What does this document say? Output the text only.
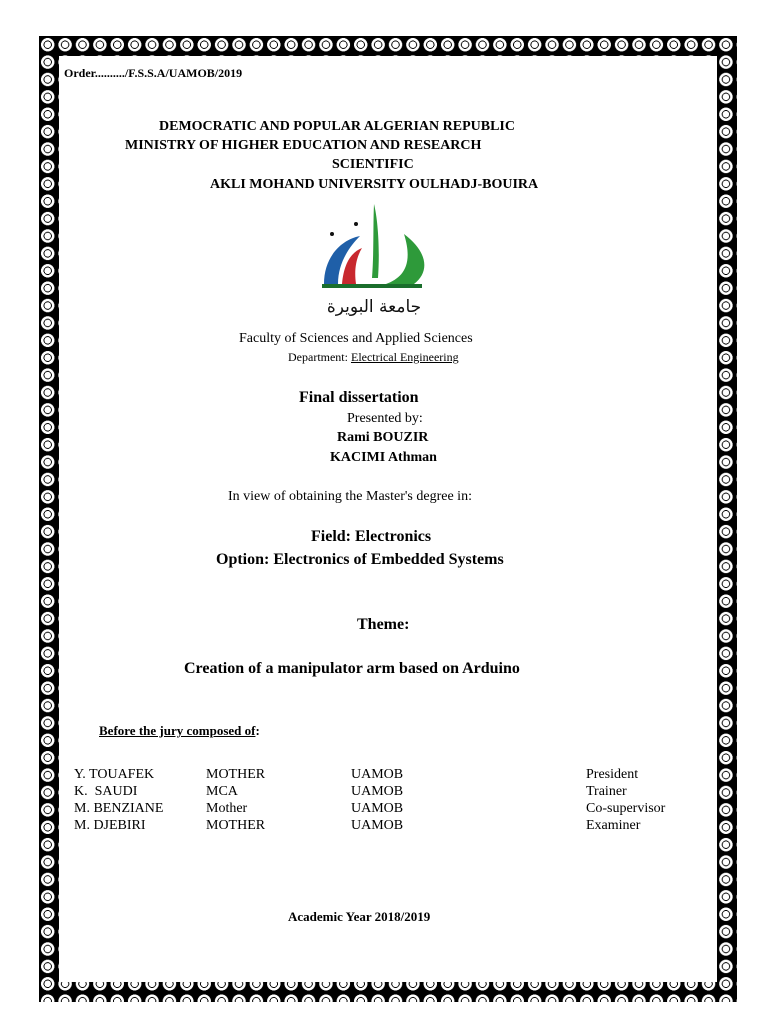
Order........../F.S.S.A/UAMOB/2019
DEMOCRATIC AND POPULAR ALGERIAN REPUBLIC
MINISTRY OF HIGHER EDUCATION AND RESEARCH
SCIENTIFIC
AKLI MOHAND UNIVERSITY OULHADJ-BOUIRA
جامعة البويرة
Faculty of Sciences and Applied Sciences
Department: Electrical Engineering
Final dissertation
Presented by:
Rami BOUZIR
KACIMI Athman
In view of obtaining the Master's degree in:
Field: Electronics
Option: Electronics of Embedded Systems
Theme:
Creation of a manipulator arm based on Arduino
Before the jury composed of:
Y. TOUAFEK	MOTHER	UAMOB	President
K.  SAUDI	MCA	UAMOB	Trainer
M. BENZIANE	Mother	UAMOB	Co-supervisor
M. DJEBIRI	MOTHER	UAMOB	Examiner
Academic Year 2018/2019
